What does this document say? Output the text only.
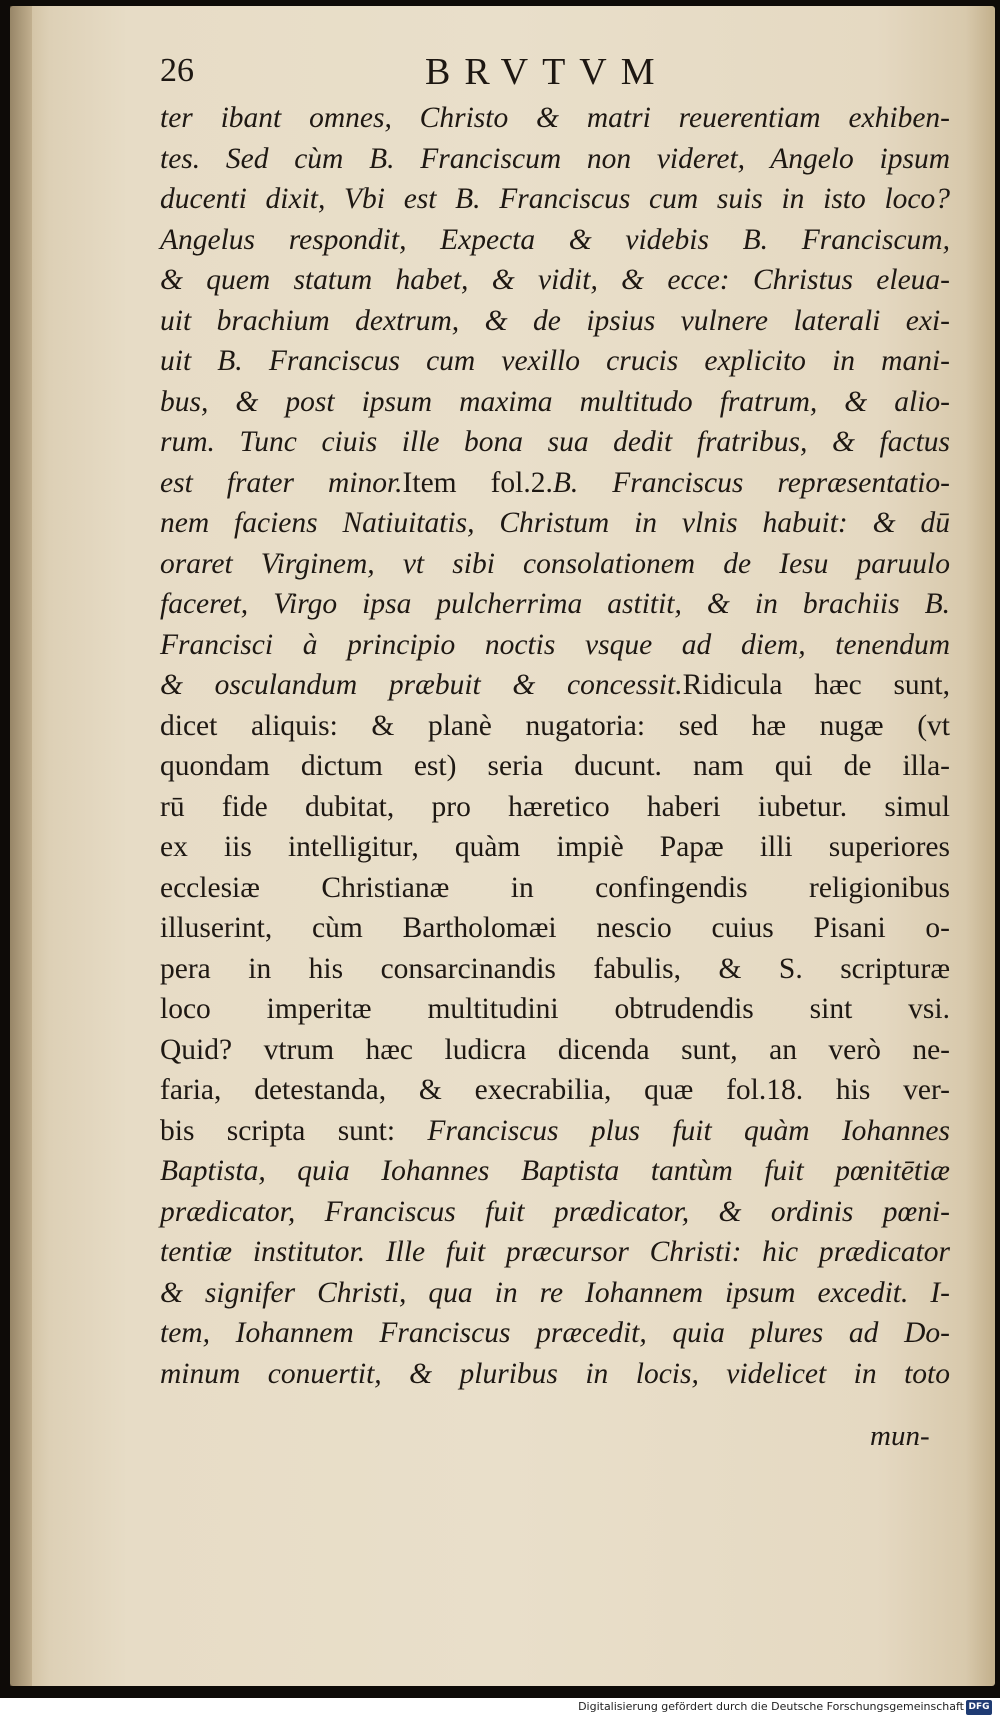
26	BRVTVM
ter ibant omnes, Christo & matri reuerentiam exhiben-
tes. Sed cùm B. Franciscum non videret, Angelo ipsum
ducenti dixit, Vbi est B. Franciscus cum suis in isto loco?
Angelus respondit, Expecta & videbis B. Franciscum,
& quem statum habet, & vidit, & ecce: Christus eleua-
uit brachium dextrum, & de ipsius vulnere laterali exi-
uit B. Franciscus cum vexillo crucis explicito in mani-
bus, & post ipsum maxima multitudo fratrum, & alio-
rum. Tunc ciuis ille bona sua dedit fratribus, & factus
est frater minor.Item fol.2.B. Franciscus repræsentatio-
nem faciens Natiuitatis, Christum in vlnis habuit: & dū
oraret Virginem, vt sibi consolationem de Iesu paruulo
faceret, Virgo ipsa pulcherrima astitit, & in brachiis B.
Francisci à principio noctis vsque ad diem, tenendum
& osculandum præbuit & concessit.Ridicula hæc sunt,
dicet aliquis: & planè nugatoria: sed hæ nugæ (vt
quondam dictum est) seria ducunt. nam qui de illa-
rū fide dubitat, pro hæretico haberi iubetur. simul
ex iis intelligitur, quàm impiè Papæ illi superiores
ecclesiæ Christianæ in confingendis religionibus
illuserint, cùm Bartholomæi nescio cuius Pisani o-
pera in his consarcinandis fabulis, & S. scripturæ
loco imperitæ multitudini obtrudendis sint vsi.
Quid? vtrum hæc ludicra dicenda sunt, an verò ne-
faria, detestanda, & execrabilia, quæ fol.18. his ver-
bis scripta sunt: Franciscus plus fuit quàm Iohannes
Baptista, quia Iohannes Baptista tantùm fuit pœnitētiæ
prædicator, Franciscus fuit prædicator, & ordinis pœni-
tentiæ institutor. Ille fuit præcursor Christi: hic prædicator
& signifer Christi, qua in re Iohannem ipsum excedit. I-
tem, Iohannem Franciscus præcedit, quia plures ad Do-
minum conuertit, & pluribus in locis, videlicet in toto
mun-
Digitalisierung gefördert durch die Deutsche Forschungsgemeinschaft DFG
